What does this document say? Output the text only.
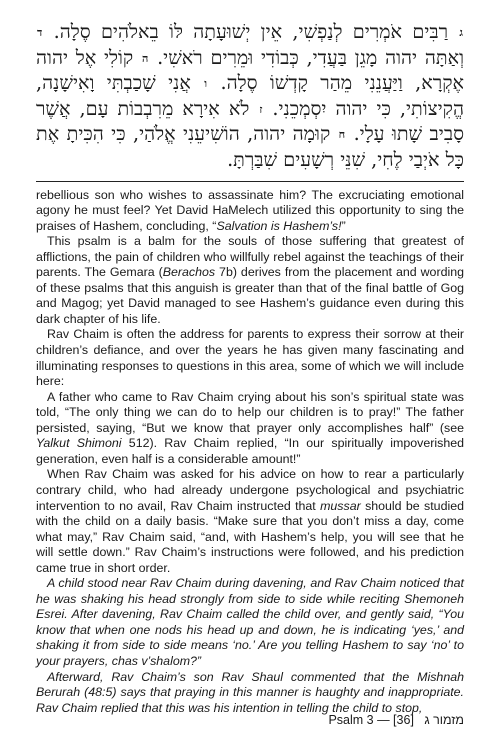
ג רַבִּים אֹמְרִים לְנַפְשִׁי, אֵין יְשׁוּעָתָה לּוֹ בֵאלֹהִים סֶלָה. ד וְאַתָּה יהוה מָגֵן בַּעֲדִי, כְּבוֹדִי וּמֵרִים רֹאשִׁי. ה קוֹלִי אֶל יהוה אֶקְרָא, וַיַּעֲנֵנִי מֵהַר קָדְשׁוֹ סֶלָה. ו אֲנִי שָׁכַבְתִּי וָאִישָׁנָה, הֱקִיצוֹתִי, כִּי יהוה יִסְמְכֵנִי. ז לֹא אִירָא מֵרִבְבוֹת עָם, אֲשֶׁר סָבִיב שָׁתוּ עָלָי. ח קוּמָה יהוה, הוֹשִׁיעֵנִי אֱלֹהַי, כִּי הִכִּיתָ אֶת כָּל אֹיְבַי לֶחִי, שִׁנֵּי רְשָׁעִים שִׁבַּרְתָּ.

rebellious son who wishes to assassinate him? The excruciating emotional agony he must feel? Yet David HaMelech utilized this opportunity to sing the praises of Hashem, concluding, “Salvation is Hashem’s!”

This psalm is a balm for the souls of those suffering that greatest of afflictions, the pain of children who willfully rebel against the teachings of their parents. The Gemara (Berachos 7b) derives from the placement and wording of these psalms that this anguish is greater than that of the final battle of Gog and Magog; yet David managed to see Hashem’s guidance even during this dark chapter of his life.

Rav Chaim is often the address for parents to express their sorrow at their children’s defiance, and over the years he has given many fascinating and illuminating responses to questions in this area, some of which we will include here:

A father who came to Rav Chaim crying about his son’s spiritual state was told, “The only thing we can do to help our children is to pray!” The father persisted, saying, “But we know that prayer only accomplishes half” (see Yalkut Shimoni 512). Rav Chaim replied, “In our spiritually impoverished generation, even half is a considerable amount!”

When Rav Chaim was asked for his advice on how to rear a particularly contrary child, who had already undergone psychological and psychiatric intervention to no avail, Rav Chaim instructed that mussar should be studied with the child on a daily basis. “Make sure that you don’t miss a day, come what may,” Rav Chaim said, “and, with Hashem’s help, you will see that he will settle down.” Rav Chaim’s instructions were followed, and his prediction came true in short order.

A child stood near Rav Chaim during davening, and Rav Chaim noticed that he was shaking his head strongly from side to side while reciting Shemoneh Esrei. After davening, Rav Chaim called the child over, and gently said, “You know that when one nods his head up and down, he is indicating ‘yes,’ and shaking it from side to side means ‘no.’ Are you telling Hashem to say ‘no’ to your prayers, chas v’shalom?”

Afterward, Rav Chaim’s son Rav Shaul commented that the Mishnah Berurah (48:5) says that praying in this manner is haughty and inappropriate. Rav Chaim replied that this was his intention in telling the child to stop,

Psalm 3 — מזמור ג   [36]
